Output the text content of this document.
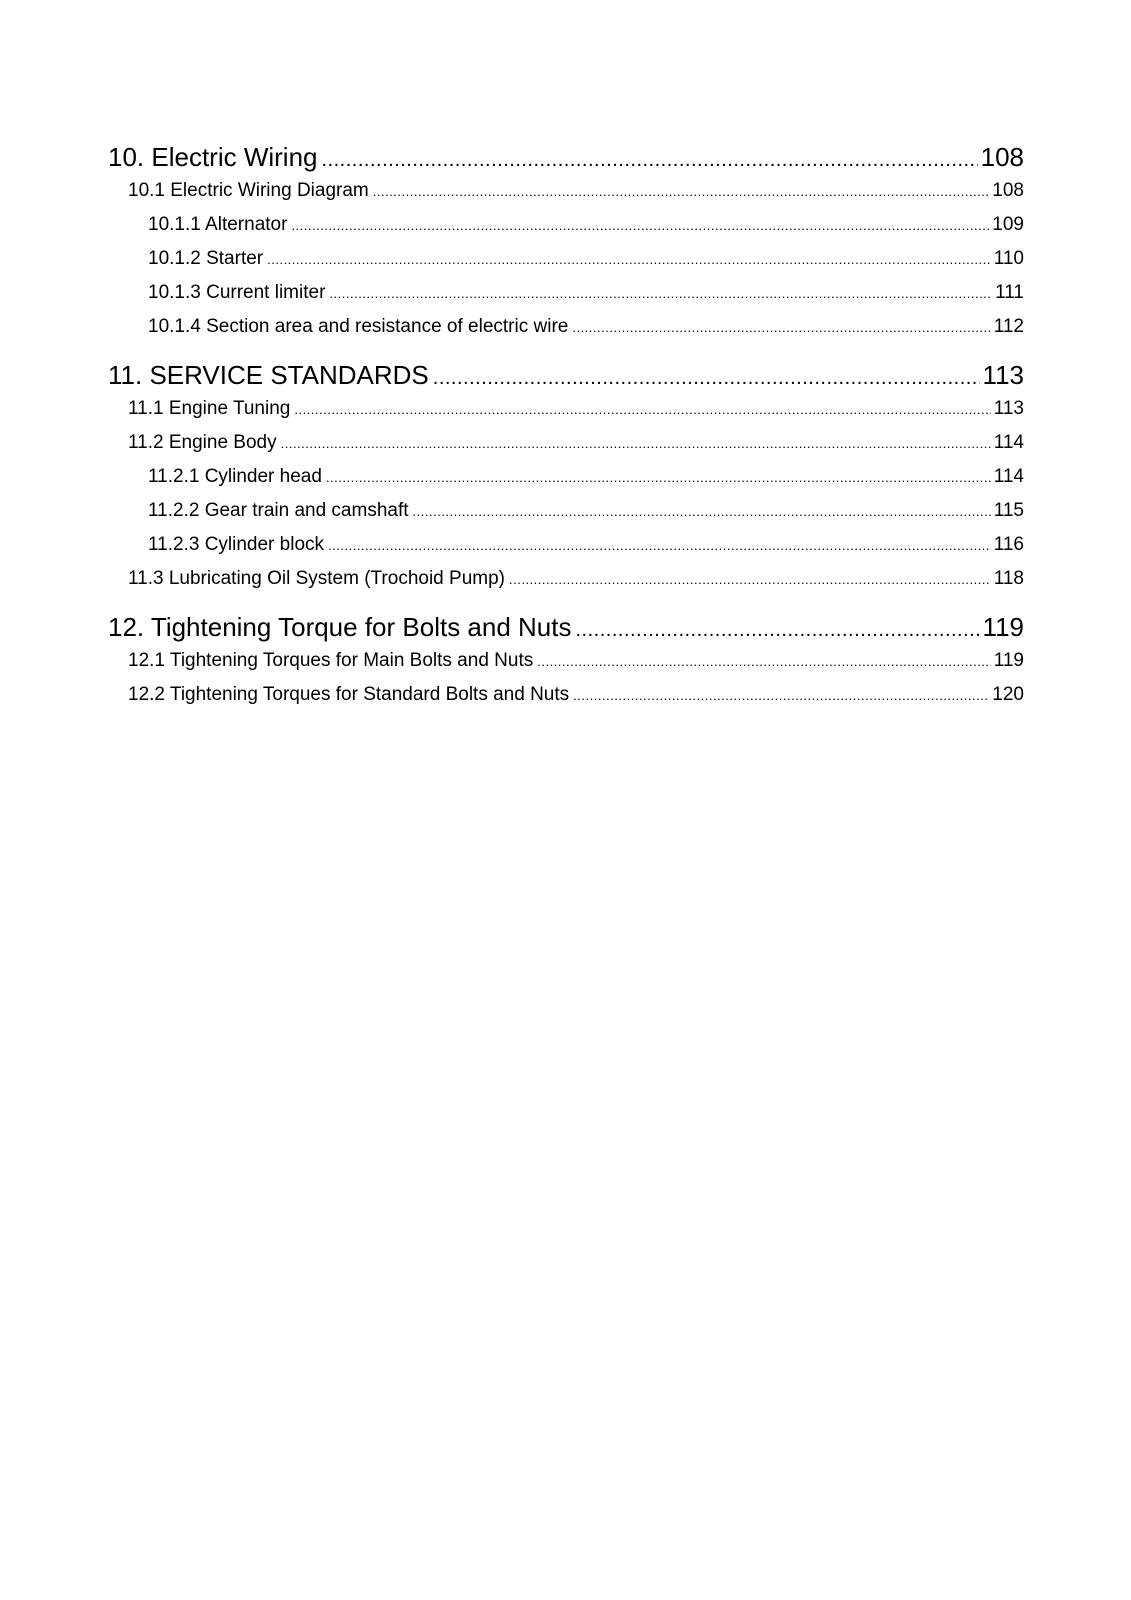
10. Electric Wiring .....	108
10.1 Electric Wiring Diagram .....	108
10.1.1 Alternator .....	109
10.1.2 Starter .....	110
10.1.3 Current limiter .....	111
10.1.4 Section area and resistance of electric wire .....	112
11. SERVICE STANDARDS .....	113
11.1 Engine Tuning .....	113
11.2 Engine Body .....	114
11.2.1 Cylinder head .....	114
11.2.2 Gear train and camshaft .....	115
11.2.3 Cylinder block .....	116
11.3 Lubricating Oil System (Trochoid Pump) .....	118
12. Tightening Torque for Bolts and Nuts .....	119
12.1 Tightening Torques for Main Bolts and Nuts .....	119
12.2 Tightening Torques for Standard Bolts and Nuts .....	120
